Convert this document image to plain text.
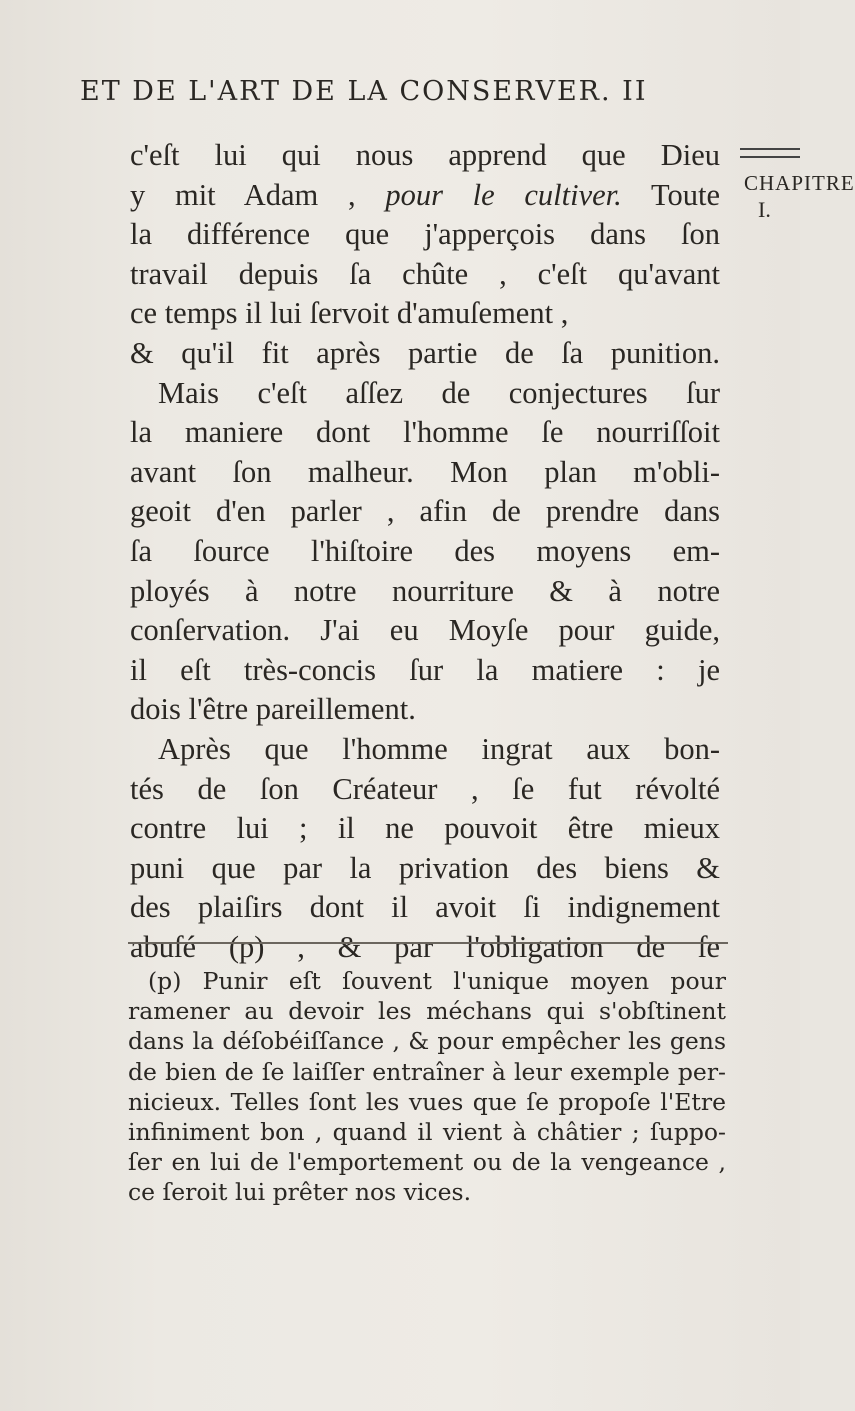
ET DE L'ART DE LA CONSERVER. II
CHAPITRE
I.
c'eſt lui qui nous apprend que Dieu
y mit Adam , pour le cultiver. Toute
la différence que j'apperçois dans ſon
travail depuis ſa chûte , c'eſt qu'avant
ce temps il lui ſervoit d'amuſement ,
& qu'il fit après partie de ſa punition.
Mais c'eſt aſſez de conjectures ſur
la maniere dont l'homme ſe nourriſſoit
avant ſon malheur. Mon plan m'obli-
geoit d'en parler , afin de prendre dans
ſa ſource l'hiſtoire des moyens em-
ployés à notre nourriture & à notre
conſervation. J'ai eu Moyſe pour guide,
il eſt très-concis ſur la matiere : je
dois l'être pareillement.
Après que l'homme ingrat aux bon-
tés de ſon Créateur , ſe fut révolté
contre lui ; il ne pouvoit être mieux
puni que par la privation des biens &
des plaiſirs dont il avoit ſi indignement
abuſé (p) , & par l'obligation de ſe
(p) Punir eſt ſouvent l'unique moyen pour
ramener au devoir les méchans qui s'obſtinent
dans la déſobéiſſance , & pour empêcher les gens
de bien de ſe laiſſer entraîner à leur exemple per-
nicieux. Telles ſont les vues que ſe propoſe l'Etre
infiniment bon , quand il vient à châtier ; ſuppo-
ſer en lui de l'emportement ou de la vengeance ,
ce ſeroit lui prêter nos vices.
